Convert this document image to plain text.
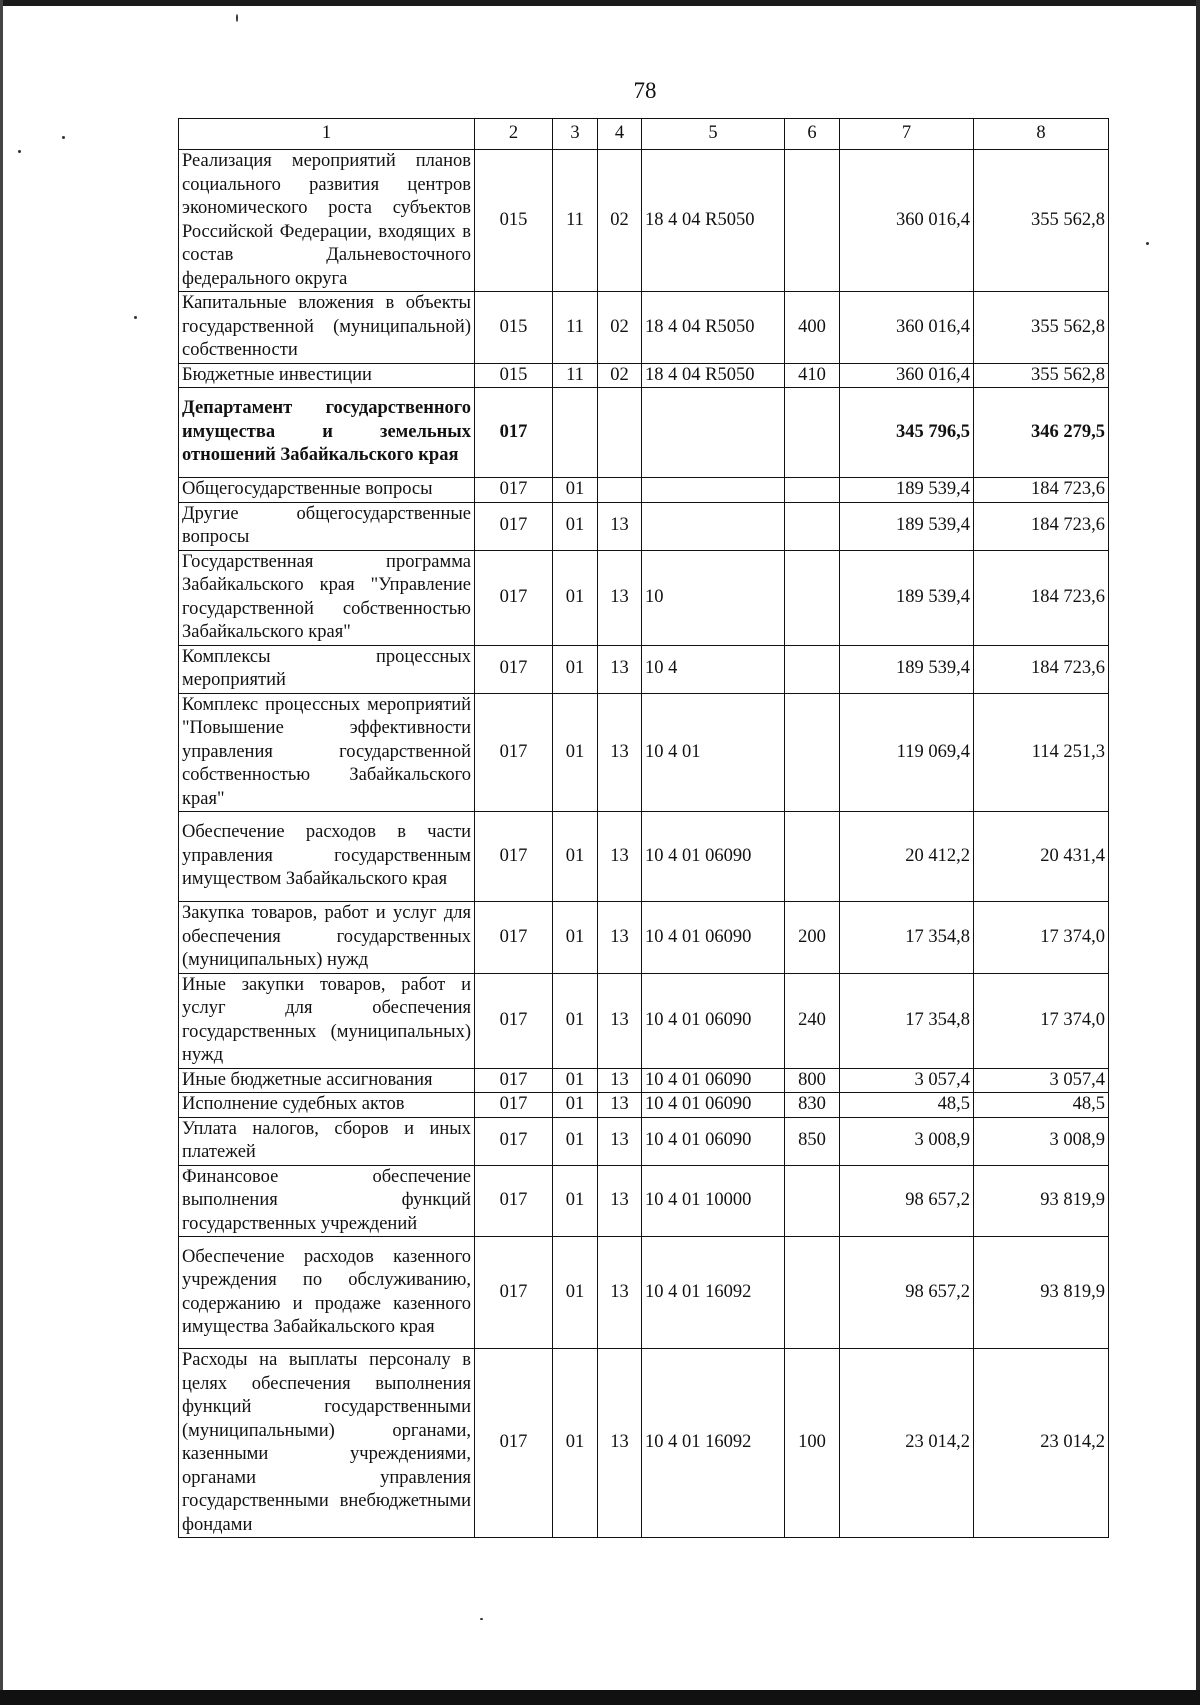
78
1	2	3	4	5	6	7	8
Реализация мероприятий планов социального развития центров экономического роста субъектов Российской Федерации, входящих в состав Дальневосточного федерального округа	015	11	02	18 4 04 R5050		360 016,4	355 562,8
Капитальные вложения в объекты государственной (муниципальной) собственности	015	11	02	18 4 04 R5050	400	360 016,4	355 562,8
Бюджетные инвестиции	015	11	02	18 4 04 R5050	410	360 016,4	355 562,8
Департамент государственного имущества и земельных отношений Забайкальского края	017					345 796,5	346 279,5
Общегосударственные вопросы	017	01				189 539,4	184 723,6
Другие общегосударственные вопросы	017	01	13			189 539,4	184 723,6
Государственная программа Забайкальского края "Управление государственной собственностью Забайкальского края"	017	01	13	10		189 539,4	184 723,6
Комплексы процессных мероприятий	017	01	13	10 4		189 539,4	184 723,6
Комплекс процессных мероприятий "Повышение эффективности управления государственной собственностью Забайкальского края"	017	01	13	10 4 01		119 069,4	114 251,3
Обеспечение расходов в части управления государственным имуществом Забайкальского края	017	01	13	10 4 01 06090		20 412,2	20 431,4
Закупка товаров, работ и услуг для обеспечения государственных (муниципальных) нужд	017	01	13	10 4 01 06090	200	17 354,8	17 374,0
Иные закупки товаров, работ и услуг для обеспечения государственных (муниципальных) нужд	017	01	13	10 4 01 06090	240	17 354,8	17 374,0
Иные бюджетные ассигнования	017	01	13	10 4 01 06090	800	3 057,4	3 057,4
Исполнение судебных актов	017	01	13	10 4 01 06090	830	48,5	48,5
Уплата налогов, сборов и иных платежей	017	01	13	10 4 01 06090	850	3 008,9	3 008,9
Финансовое обеспечение выполнения функций государственных учреждений	017	01	13	10 4 01 10000		98 657,2	93 819,9
Обеспечение расходов казенного учреждения по обслуживанию, содержанию и продаже казенного имущества Забайкальского края	017	01	13	10 4 01 16092		98 657,2	93 819,9
Расходы на выплаты персоналу в целях обеспечения выполнения функций государственными (муниципальными) органами, казенными учреждениями, органами управления государственными внебюджетными фондами	017	01	13	10 4 01 16092	100	23 014,2	23 014,2
